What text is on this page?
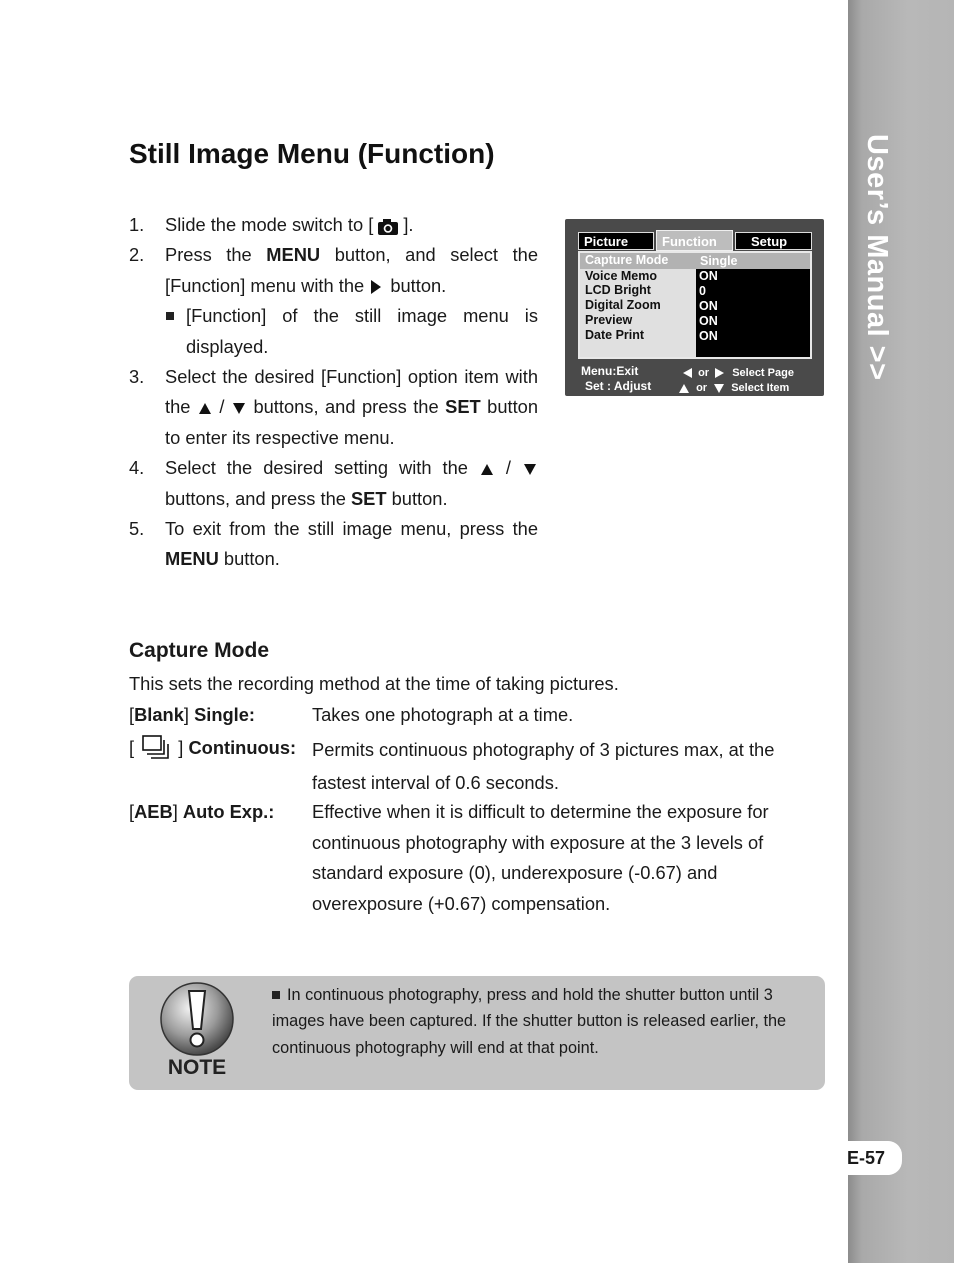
User’s Manual >>
E-57
Still Image Menu (Function)
1.	Slide the mode switch to [ ].
2.	Press the MENU button, and select the [Function] menu with the  button.
[Function] of the still image menu is displayed.
3.	Select the desired [Function] option item with the  /  buttons, and press the SET button to enter its respective menu.
4.	Select the desired setting with the  /  buttons, and press the SET button.
5.	To exit from the still image menu, press the MENU button.
Picture	Function	Setup
Capture Mode	Single
Voice Memo	ON
LCD Bright	0
Digital Zoom	ON
Preview	ON
Date Print	ON
Menu:Exit
Set : Adjust
or Select Page
or Select Item
Capture Mode
This sets the recording method at the time of taking pictures.
[Blank] Single:	Takes one photograph at a time.
[ ] Continuous: Permits continuous photography of 3 pictures max, at the fastest interval of 0.6 seconds.
[AEB] Auto Exp.: Effective when it is difficult to determine the exposure for continuous photography with exposure at the 3 levels of standard exposure (0), underexposure (-0.67) and overexposure (+0.67) compensation.
NOTE
In continuous photography, press and hold the shutter button until 3 images have been captured. If the shutter button is released earlier, the continuous photography will end at that point.
